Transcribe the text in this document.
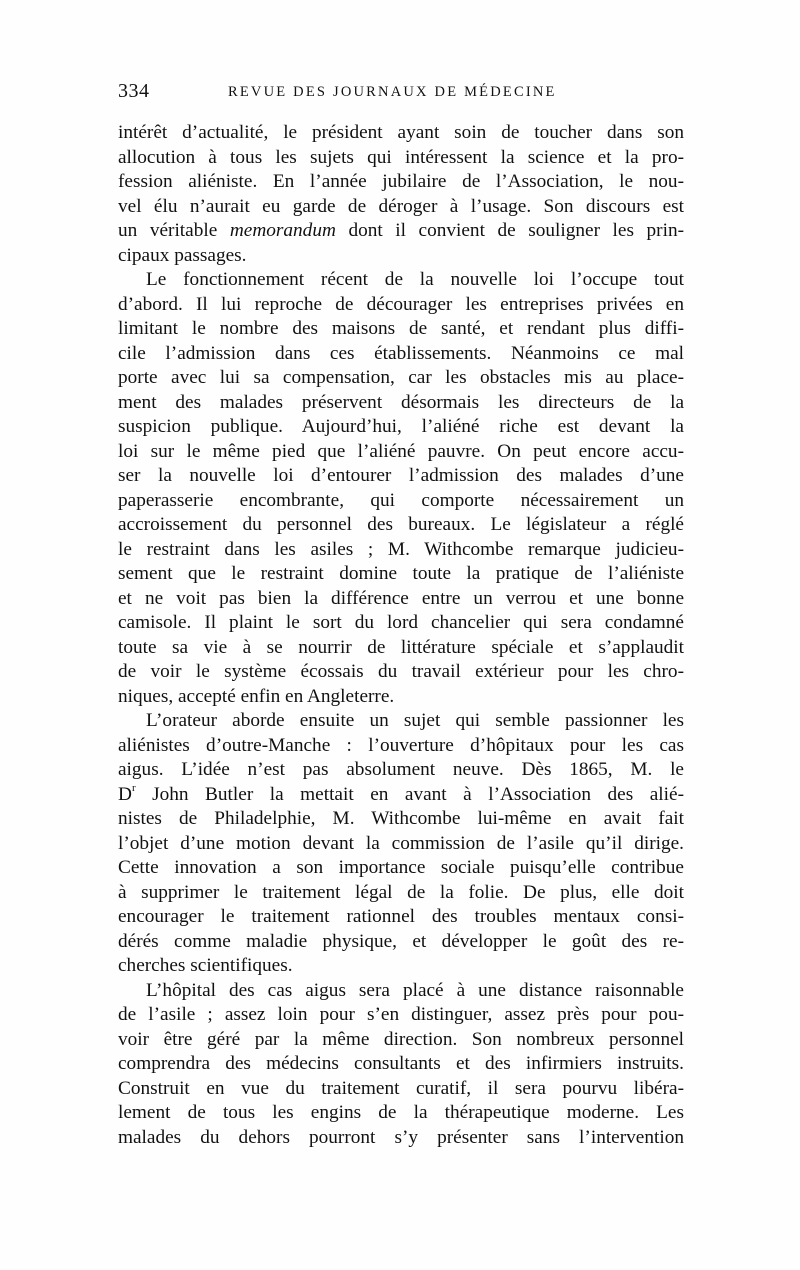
334	REVUE DES JOURNAUX DE MÉDECINE
intérêt d’actualité, le président ayant soin de toucher dans son
allocution à tous les sujets qui intéressent la science et la pro-
fession aliéniste. En l’année jubilaire de l’Association, le nou-
vel élu n’aurait eu garde de déroger à l’usage. Son discours est
un véritable memorandum dont il convient de souligner les prin-
cipaux passages.
Le fonctionnement récent de la nouvelle loi l’occupe tout
d’abord. Il lui reproche de décourager les entreprises privées en
limitant le nombre des maisons de santé, et rendant plus diffi-
cile l’admission dans ces établissements. Néanmoins ce mal
porte avec lui sa compensation, car les obstacles mis au place-
ment des malades préservent désormais les directeurs de la
suspicion publique. Aujourd’hui, l’aliéné riche est devant la
loi sur le même pied que l’aliéné pauvre. On peut encore accu-
ser la nouvelle loi d’entourer l’admission des malades d’une
paperasserie encombrante, qui comporte nécessairement un
accroissement du personnel des bureaux. Le législateur a réglé
le restraint dans les asiles ; M. Withcombe remarque judicieu-
sement que le restraint domine toute la pratique de l’aliéniste
et ne voit pas bien la différence entre un verrou et une bonne
camisole. Il plaint le sort du lord chancelier qui sera condamné
toute sa vie à se nourrir de littérature spéciale et s’applaudit
de voir le système écossais du travail extérieur pour les chro-
niques, accepté enfin en Angleterre.
L’orateur aborde ensuite un sujet qui semble passionner les
aliénistes d’outre-Manche : l’ouverture d’hôpitaux pour les cas
aigus. L’idée n’est pas absolument neuve. Dès 1865, M. le
$D^r$ John Butler la mettait en avant à l’Association des alié-
nistes de Philadelphie, M. Withcombe lui-même en avait fait
l’objet d’une motion devant la commission de l’asile qu’il dirige.
Cette innovation a son importance sociale puisqu’elle contribue
à supprimer le traitement légal de la folie. De plus, elle doit
encourager le traitement rationnel des troubles mentaux consi-
dérés comme maladie physique, et développer le goût des re-
cherches scientifiques.
L’hôpital des cas aigus sera placé à une distance raisonnable
de l’asile ; assez loin pour s’en distinguer, assez près pour pou-
voir être géré par la même direction. Son nombreux personnel
comprendra des médecins consultants et des infirmiers instruits.
Construit en vue du traitement curatif, il sera pourvu libéra-
lement de tous les engins de la thérapeutique moderne. Les
malades du dehors pourront s’y présenter sans l’intervention
